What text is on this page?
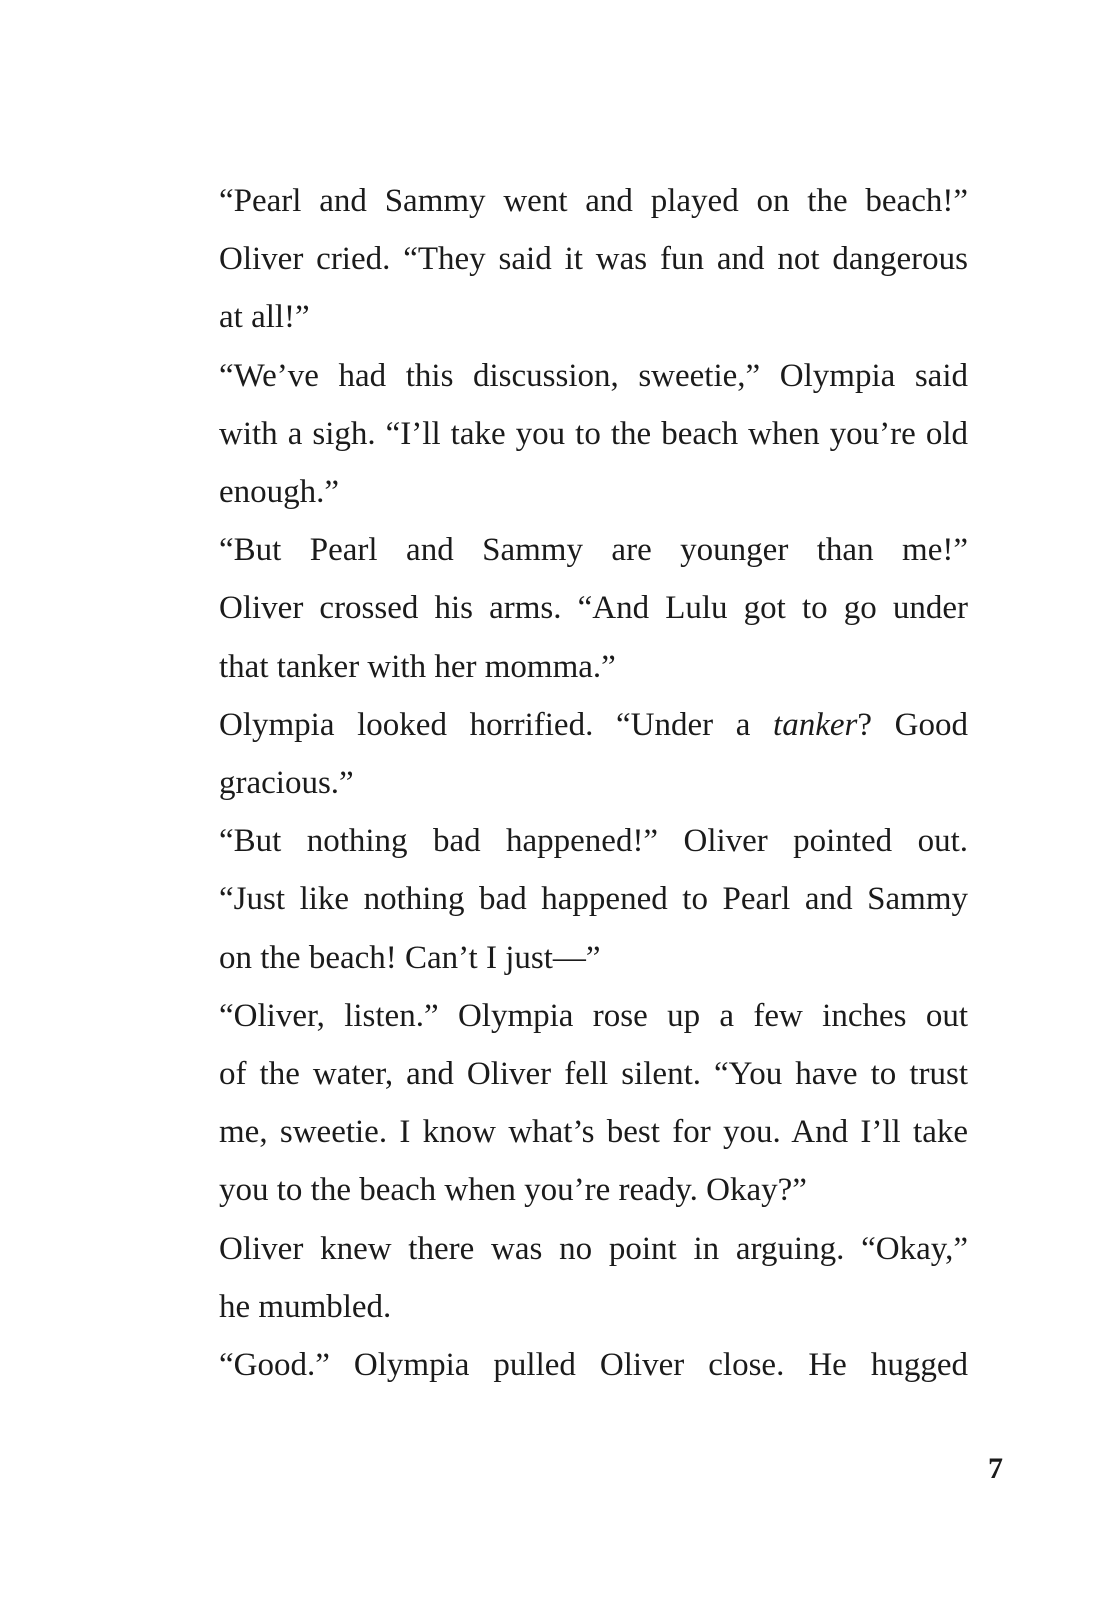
“Pearl and Sammy went and played on the beach!”
Oliver cried. “They said it was fun and not dangerous
at all!”

“We’ve had this discussion, sweetie,” Olympia said
with a sigh. “I’ll take you to the beach when you’re old
enough.”

“But Pearl and Sammy are younger than me!”
Oliver crossed his arms. “And Lulu got to go under
that tanker with her momma.”

Olympia looked horrified. “Under a tanker? Good
gracious.”

“But nothing bad happened!” Oliver pointed out.
“Just like nothing bad happened to Pearl and Sammy
on the beach! Can’t I just—”

“Oliver, listen.” Olympia rose up a few inches out
of the water, and Oliver fell silent. “You have to trust
me, sweetie. I know what’s best for you. And I’ll take
you to the beach when you’re ready. Okay?”

Oliver knew there was no point in arguing. “Okay,”
he mumbled.

“Good.” Olympia pulled Oliver close. He hugged

7
